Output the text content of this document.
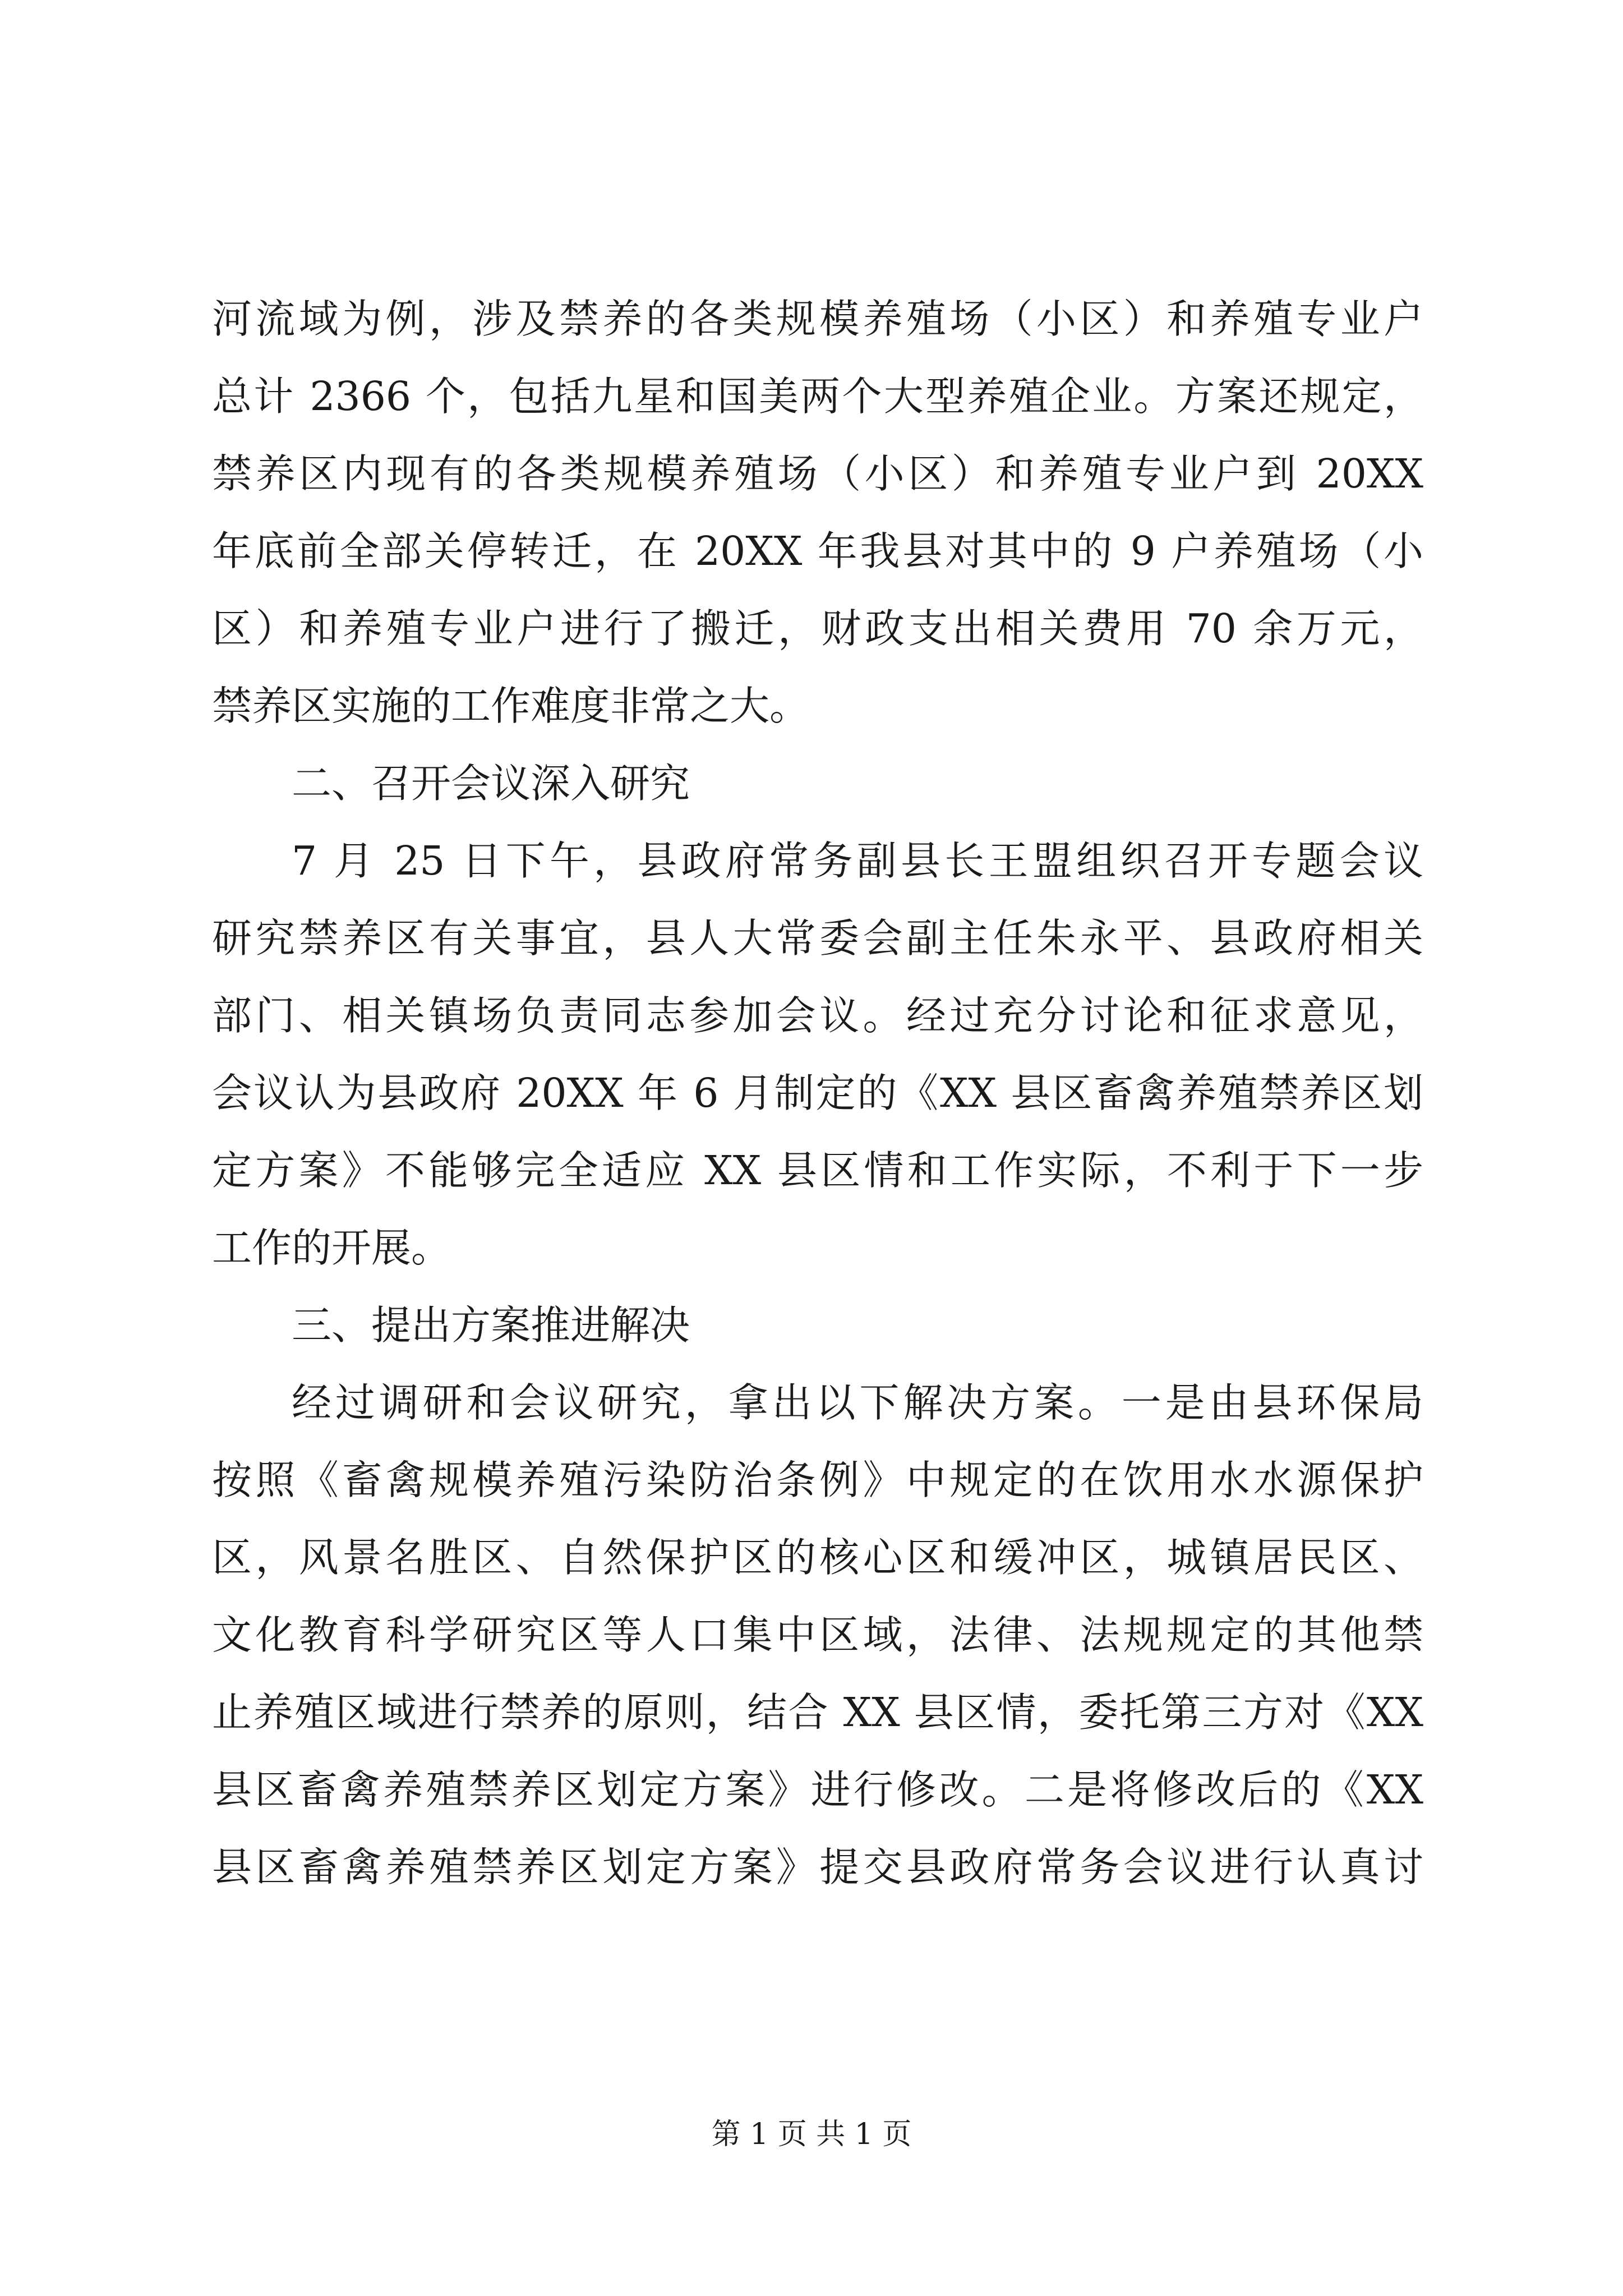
河流域为例，涉及禁养的各类规模养殖场（小区）和养殖专业户
总计 2366 个，包括九星和国美两个大型养殖企业。方案还规定，
禁养区内现有的各类规模养殖场（小区）和养殖专业户到 20XX
年底前全部关停转迁，在 20XX 年我县对其中的 9 户养殖场（小
区）和养殖专业户进行了搬迁，财政支出相关费用 70 余万元，
禁养区实施的工作难度非常之大。
二、召开会议深入研究
7 月 25 日下午，县政府常务副县长王盟组织召开专题会议
研究禁养区有关事宜，县人大常委会副主任朱永平、县政府相关
部门、相关镇场负责同志参加会议。经过充分讨论和征求意见，
会议认为县政府 20XX 年 6 月制定的《XX 县区畜禽养殖禁养区划
定方案》不能够完全适应 XX 县区情和工作实际，不利于下一步
工作的开展。
三、提出方案推进解决
经过调研和会议研究，拿出以下解决方案。一是由县环保局
按照《畜禽规模养殖污染防治条例》中规定的在饮用水水源保护
区，风景名胜区、自然保护区的核心区和缓冲区，城镇居民区、
文化教育科学研究区等人口集中区域，法律、法规规定的其他禁
止养殖区域进行禁养的原则，结合 XX 县区情，委托第三方对《XX
县区畜禽养殖禁养区划定方案》进行修改。二是将修改后的《XX
县区畜禽养殖禁养区划定方案》提交县政府常务会议进行认真讨
第 1 页 共 1 页
